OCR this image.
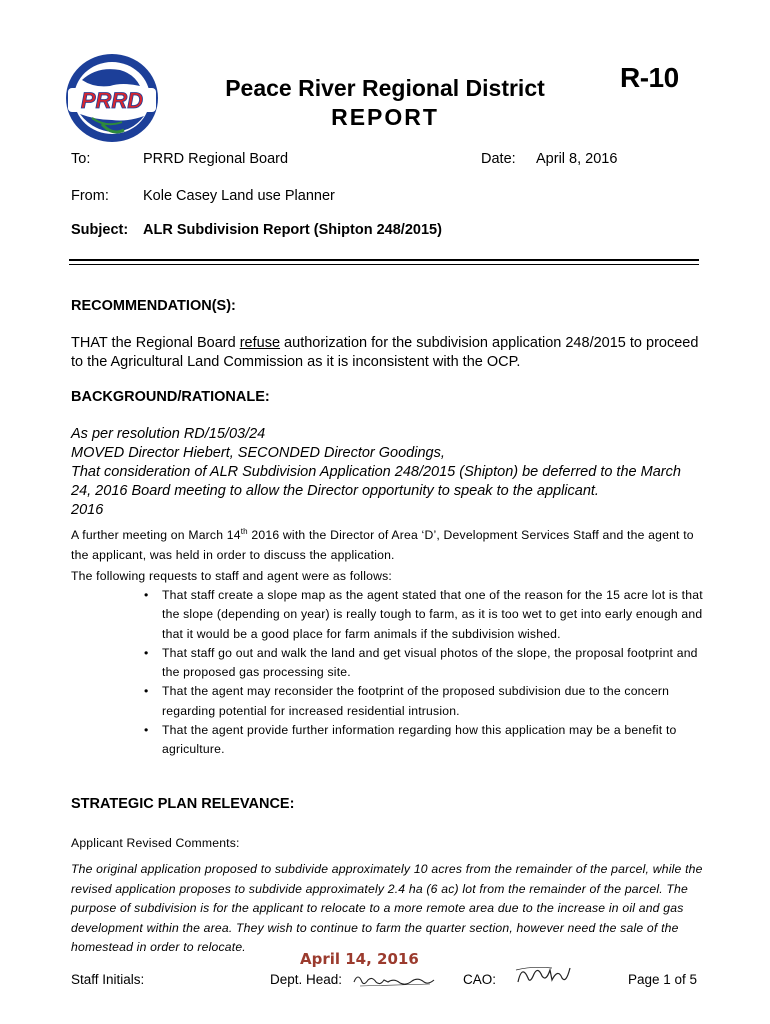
PRRD	Peace River Regional District
REPORT
R-10
To:	PRRD Regional Board	Date: April 8, 2016
From: Kole Casey Land use Planner
Subject: ALR Subdivision Report (Shipton 248/2015)
RECOMMENDATION(S):
THAT the Regional Board refuse authorization for the subdivision application 248/2015 to proceed to the Agricultural Land Commission as it is inconsistent with the OCP.
BACKGROUND/RATIONALE:
As per resolution RD/15/03/24
MOVED Director Hiebert, SECONDED Director Goodings,
That consideration of ALR Subdivision Application 248/2015 (Shipton) be deferred to the March 24, 2016 Board meeting to allow the Director opportunity to speak to the applicant.
2016
A further meeting on March 14th 2016 with the Director of Area ‘D’, Development Services Staff and the agent to the applicant, was held in order to discuss the application.
The following requests to staff and agent were as follows:
• That staff create a slope map as the agent stated that one of the reason for the 15 acre lot is that the slope (depending on year) is really tough to farm, as it is too wet to get into early enough and that it would be a good place for farm animals if the subdivision wished.
• That staff go out and walk the land and get visual photos of the slope, the proposal footprint and the proposed gas processing site.
• That the agent may reconsider the footprint of the proposed subdivision due to the concern regarding potential for increased residential intrusion.
• That the agent provide further information regarding how this application may be a benefit to agriculture.
STRATEGIC PLAN RELEVANCE:
Applicant Revised Comments:
The original application proposed to subdivide approximately 10 acres from the remainder of the parcel, while the revised application proposes to subdivide approximately 2.4 ha (6 ac) lot from the remainder of the parcel. The purpose of subdivision is for the applicant to relocate to a more remote area due to the increase in oil and gas development within the area. They wish to continue to farm the quarter section, however need the sale of the homestead in order to relocate.
April 14, 2016
Staff Initials:	Dept. Head:	CAO:	Page 1 of 5
